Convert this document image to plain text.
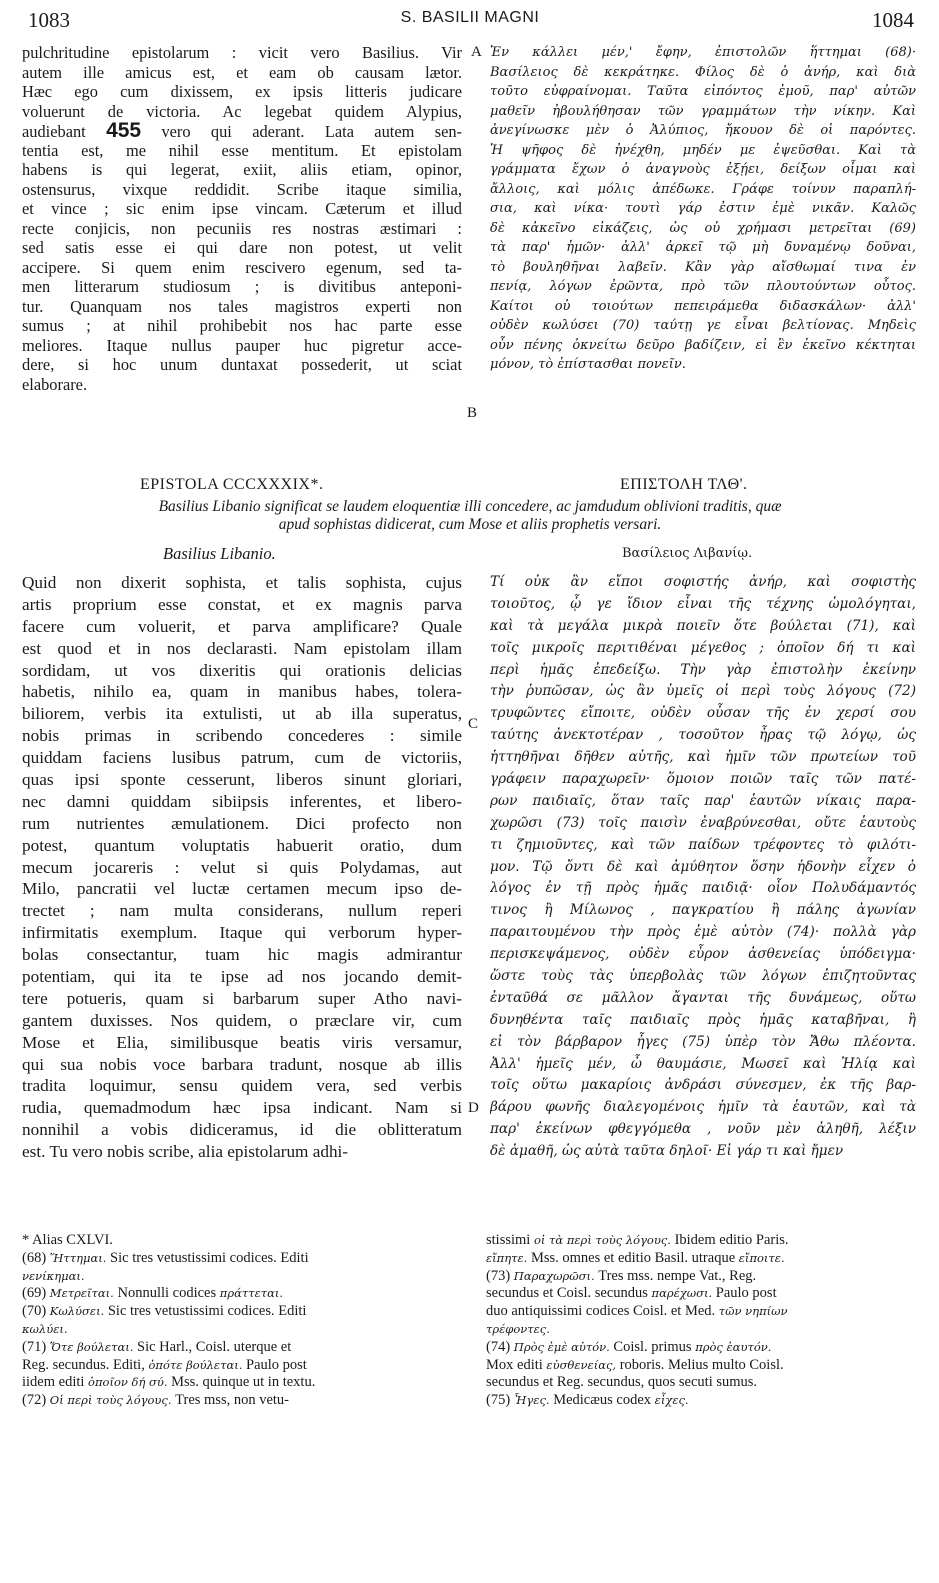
1083	S. BASILII MAGNI	1084
pulchritudine epistolarum : vicit vero Basilius. Vir
autem ille amicus est, et eam ob causam lætor.
Hæc ego cum dixissem, ex ipsis litteris judicare
voluerunt de victoria. Ac legebat quidem Alypius,
audiebant 455 vero qui aderant. Lata autem sen-
tentia est, me nihil esse mentitum. Et epistolam
habens is qui legerat, exiit, aliis etiam, opinor,
ostensurus, vixque reddidit. Scribe itaque similia,
et vince ; sic enim ipse vincam. Cæterum et illud
recte conjicis, non pecuniis res nostras æstimari :
sed satis esse ei qui dare non potest, ut velit
accipere. Si quem enim rescivero egenum, sed ta-
men litterarum studiosum ; is divitibus anteponi-
tur. Quanquam nos tales magistros experti non
sumus ; at nihil prohibebit nos hac parte esse
meliores. Itaque nullus pauper huc pigretur acce-
dere, si hoc unum duntaxat possederit, ut sciat
elaborare.
Ἐν κάλλει μέν,' ἔφην, ἐπιστολῶν ἥττημαι (68)·
Βασίλειος δὲ κεκράτηκε. Φίλος δὲ ὁ ἀνήρ, καὶ διὰ
τοῦτο εὐφραίνομαι. Ταῦτα εἰπόντος ἐμοῦ, παρ' αὐτῶν
μαθεῖν ἠβουλήθησαν τῶν γραμμάτων τὴν νίκην. Καὶ
ἀνεγίνωσκε μὲν ὁ Ἀλύπιος, ἤκουον δὲ οἱ παρόντες.
Ἡ ψῆφος δὲ ἠνέχθη, μηδέν με ἐψεῦσθαι. Καὶ τὰ
γράμματα ἔχων ὁ ἀναγνοὺς ἐξῄει, δείξων οἶμαι καὶ
ἄλλοις, καὶ μόλις ἀπέδωκε. Γράφε τοίνυν παραπλή-
σια, καὶ νίκα· τουτὶ γάρ ἐστιν ἐμὲ νικᾶν. Καλῶς
δὲ κἀκεῖνο εἰκάζεις, ὡς οὐ χρήμασι μετρεῖται (69)
τὰ παρ' ἡμῶν· ἀλλ' ἀρκεῖ τῷ μὴ δυναμένῳ δοῦναι,
τὸ βουληθῆναι λαβεῖν. Κἂν γὰρ αἴσθωμαί τινα ἐν
πενίᾳ, λόγων ἐρῶντα, πρὸ τῶν πλουτούντων οὗτος.
Καίτοι οὐ τοιούτων πεπειράμεθα διδασκάλων· ἀλλ'
οὐδὲν κωλύσει (70) ταύτῃ γε εἶναι βελτίονας. Μηδεὶς
οὖν πένης ὀκνείτω δεῦρο βαδίζειν, εἰ ἓν ἐκεῖνο κέκτηται
μόνον, τὸ ἐπίστασθαι πονεῖν.
A
B
C
D
EPISTOLA CCCXXXIX*.	ΕΠΙΣΤΟΛΗ ΤΛΘ'.
Basilius Libanio significat se laudem eloquentiæ illi concedere, ac jamdudum oblivioni traditis, quæ
apud sophistas didicerat, cum Mose et aliis prophetis versari.
Basilius Libanio.	Βασίλειος Λιβανίῳ.
Quid non dixerit sophista, et talis sophista, cujus
artis proprium esse constat, et ex magnis parva
facere cum voluerit, et parva amplificare? Quale
est quod et in nos declarasti. Nam epistolam illam
sordidam, ut vos dixeritis qui orationis delicias
habetis, nihilo ea, quam in manibus habes, tolera-
biliorem, verbis ita extulisti, ut ab illa superatus,
nobis primas in scribendo concederes : simile
quiddam faciens lusibus patrum, cum de victoriis,
quas ipsi sponte cesserunt, liberos sinunt gloriari,
nec damni quiddam sibiipsis inferentes, et libero-
rum nutrientes æmulationem. Dici profecto non
potest, quantum voluptatis habuerit oratio, dum
mecum jocareris : velut si quis Polydamas, aut
Milo, pancratii vel luctæ certamen mecum ipso de-
trectet ; nam multa considerans, nullum reperi
infirmitatis exemplum. Itaque qui verborum hyper-
bolas consectantur, tuam hic magis admirantur
potentiam, qui ita te ipse ad nos jocando demit-
tere potueris, quam si barbarum super Atho navi-
gantem duxisses. Nos quidem, o præclare vir, cum
Mose et Elia, similibusque beatis viris versamur,
qui sua nobis voce barbara tradunt, nosque ab illis
tradita loquimur, sensu quidem vera, sed verbis
rudia, quemadmodum hæc ipsa indicant. Nam si
nonnihil a vobis didiceramus, id die oblitteratum
est. Tu vero nobis scribe, alia epistolarum adhi-
Τί οὐκ ἂν εἴποι σοφιστής ἀνήρ, καὶ σοφιστὴς
τοιοῦτος, ᾧ γε ἴδιον εἶναι τῆς τέχνης ὡμολόγηται,
καὶ τὰ μεγάλα μικρὰ ποιεῖν ὅτε βούλεται (71), καὶ
τοῖς μικροῖς περιτιθέναι μέγεθος ; ὁποῖον δή τι καὶ
περὶ ἡμᾶς ἐπεδείξω. Τὴν γὰρ ἐπιστολὴν ἐκείνην
τὴν ῥυπῶσαν, ὡς ἂν ὑμεῖς οἱ περὶ τοὺς λόγους (72)
τρυφῶντες εἴποιτε, οὐδὲν οὖσαν τῆς ἐν χερσί σου
ταύτης ἀνεκτοτέραν , τοσοῦτον ἦρας τῷ λόγῳ, ὡς
ἡττηθῆναι δῆθεν αὐτῆς, καὶ ἡμῖν τῶν πρωτείων τοῦ
γράφειν παραχωρεῖν· ὅμοιον ποιῶν ταῖς τῶν πατέ-
ρων παιδιαῖς, ὅταν ταῖς παρ' ἑαυτῶν νίκαις παρα-
χωρῶσι (73) τοῖς παισὶν ἐναβρύνεσθαι, οὔτε ἑαυτοὺς
τι ζημιοῦντες, καὶ τῶν παίδων τρέφοντες τὸ φιλότι-
μον. Τῷ ὄντι δὲ καὶ ἀμύθητον ὅσην ἡδονὴν εἶχεν ὁ
λόγος ἐν τῇ πρὸς ἡμᾶς παιδιᾷ· οἷον Πολυδάμαντός
τινος ἢ Μίλωνος , παγκρατίου ἢ πάλης ἀγωνίαν
παραιτουμένου τὴν πρὸς ἐμὲ αὐτὸν (74)· πολλὰ γὰρ
περισκεψάμενος, οὐδὲν εὗρον ἀσθενείας ὑπόδειγμα·
ὥστε τοὺς τὰς ὑπερβολὰς τῶν λόγων ἐπιζητοῦντας
ἐνταῦθά σε μᾶλλον ἄγανται τῆς δυνάμεως, οὕτω
δυνηθέντα ταῖς παιδιαῖς πρὸς ἡμᾶς καταβῆναι, ἢ
εἰ τὸν βάρβαρον ἦγες (75) ὑπὲρ τὸν Ἄθω πλέοντα.
Ἀλλ' ἡμεῖς μέν, ὦ θαυμάσιε, Μωσεῖ καὶ Ἠλίᾳ καὶ
τοῖς οὕτω μακαρίοις ἀνδράσι σύνεσμεν, ἐκ τῆς βαρ-
βάρου φωνῆς διαλεγομένοις ἡμῖν τὰ ἑαυτῶν, καὶ τὰ
παρ' ἐκείνων φθεγγόμεθα , νοῦν μὲν ἀληθῆ, λέξιν
δὲ ἀμαθῆ, ὡς αὐτὰ ταῦτα δηλοῖ· Εἰ γάρ τι καὶ ἤμεν
* Alias CXLVI.
(68) Ἥττημαι. Sic tres vetustissimi codices. Editi
νενίκημαι.
(69) Μετρεῖται. Nonnulli codices πράττεται.
(70) Κωλύσει. Sic tres vetustissimi codices. Editi
κωλύει.
(71) Ὅτε βούλεται. Sic Harl., Coisl. uterque et
Reg. secundus. Editi, ὁπότε βούλεται. Paulo post
iidem editi ὁποῖον δή σύ. Mss. quinque ut in textu.
(72) Οἱ περὶ τοὺς λόγους. Tres mss, non vetu-
stissimi οἱ τὰ περὶ τοὺς λόγους. Ibidem editio Paris.
εἴπητε. Mss. omnes et editio Basil. utraque εἴποιτε.
(73) Παραχωρῶσι. Tres mss. nempe Vat., Reg.
secundus et Coisl. secundus παρέχωσι. Paulo post
duo antiquissimi codices Coisl. et Med. τῶν νηπίων
τρέφοντες.
(74) Πρὸς ἐμὲ αὐτόν. Coisl. primus πρὸς ἑαυτόν.
Mox editi εὐσθενείας, roboris. Melius multo Coisl.
secundus et Reg. secundus, quos secuti sumus.
(75) Ἦγες. Medicæus codex εἶχες.
